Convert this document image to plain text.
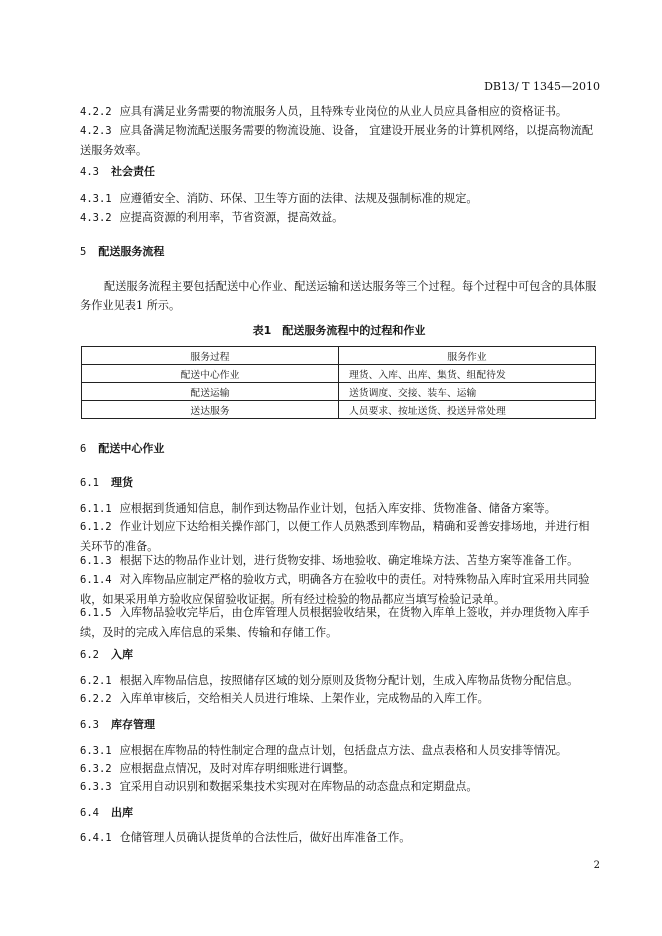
DB13/ T 1345—2010
4.2.2 应具有满足业务需要的物流服务人员，且特殊专业岗位的从业人员应具备相应的资格证书。
4.2.3 应具备满足物流配送服务需要的物流设施、设备， 宜建设开展业务的计算机网络，以提高物流配送服务效率。
4.3 社会责任
4.3.1 应遵循安全、消防、环保、卫生等方面的法律、法规及强制标准的规定。
4.3.2 应提高资源的利用率，节省资源，提高效益。
5 配送服务流程
配送服务流程主要包括配送中心作业、配送运输和送达服务等三个过程。每个过程中可包含的具体服务作业见表1 所示。
表1　配送服务流程中的过程和作业
服务过程	服务作业
配送中心作业	理货、入库、出库、集货、组配待发
配送运输	送货调度、交接、装车、运输
送达服务	人员要求、按址送货、投送异常处理
6 配送中心作业
6.1 理货
6.1.1 应根据到货通知信息，制作到达物品作业计划，包括入库安排、货物准备、储备方案等。
6.1.2 作业计划应下达给相关操作部门，以便工作人员熟悉到库物品，精确和妥善安排场地，并进行相关环节的准备。
6.1.3 根据下达的物品作业计划，进行货物安排、场地验收、确定堆垛方法、苫垫方案等准备工作。
6.1.4 对入库物品应制定严格的验收方式，明确各方在验收中的责任。对特殊物品入库时宜采用共同验收，如果采用单方验收应保留验收证据。所有经过检验的物品都应当填写检验记录单。
6.1.5 入库物品验收完毕后，由仓库管理人员根据验收结果，在货物入库单上签收，并办理货物入库手续，及时的完成入库信息的采集、传输和存储工作。
6.2 入库
6.2.1 根据入库物品信息，按照储存区域的划分原则及货物分配计划，生成入库物品货物分配信息。
6.2.2 入库单审核后，交给相关人员进行堆垛、上架作业，完成物品的入库工作。
6.3 库存管理
6.3.1 应根据在库物品的特性制定合理的盘点计划，包括盘点方法、盘点表格和人员安排等情况。
6.3.2 应根据盘点情况，及时对库存明细账进行调整。
6.3.3 宜采用自动识别和数据采集技术实现对在库物品的动态盘点和定期盘点。
6.4 出库
6.4.1 仓储管理人员确认提货单的合法性后，做好出库准备工作。
2
